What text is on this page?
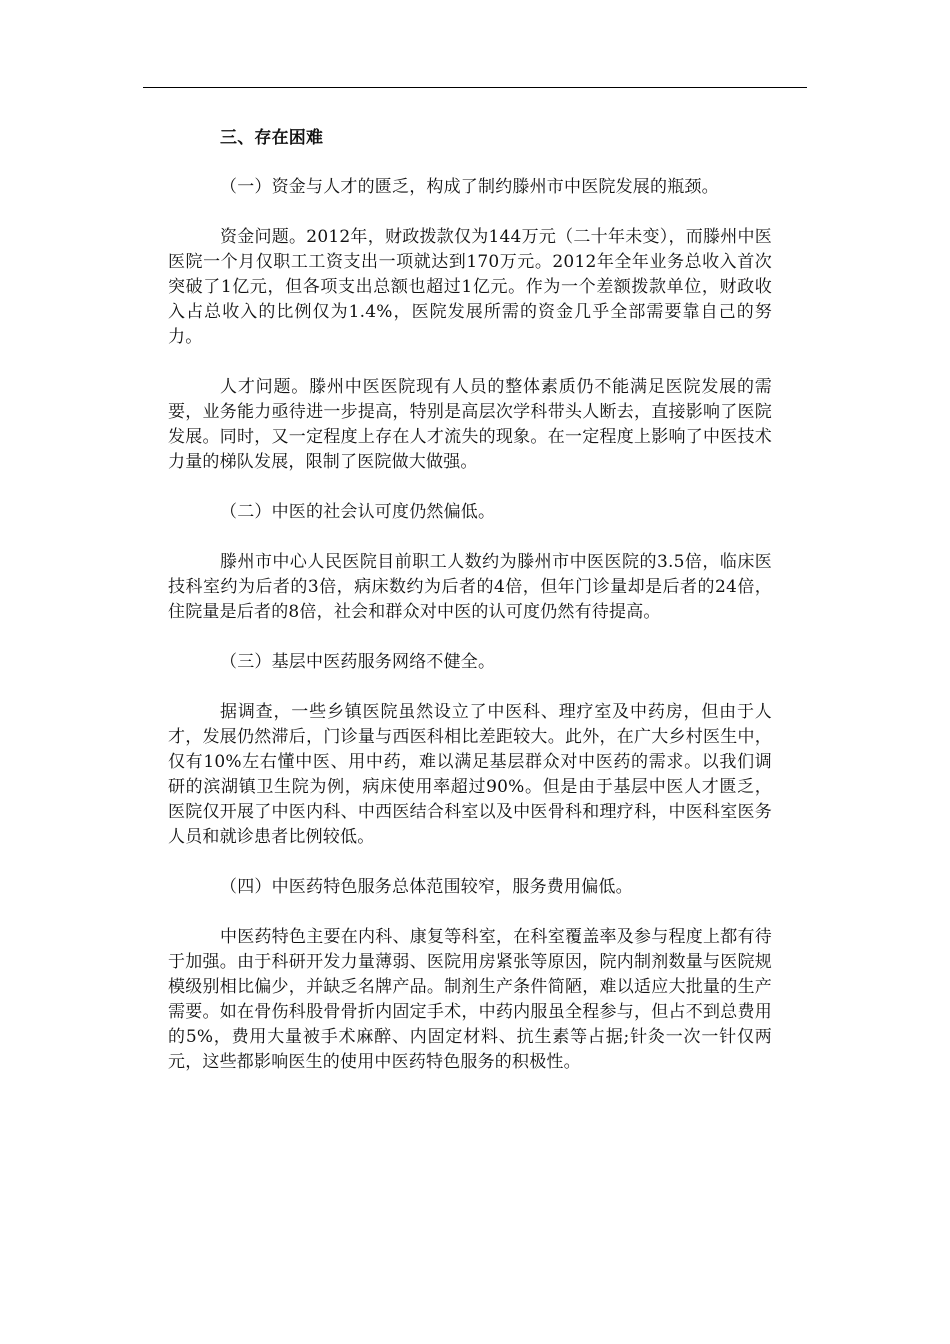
三、存在困难

（一）资金与人才的匮乏，构成了制约滕州市中医院发展的瓶颈。

资金问题。2012年，财政拨款仅为144万元（二十年未变），而滕州中医医院一个月仅职工工资支出一项就达到170万元。2012年全年业务总收入首次突破了1亿元，但各项支出总额也超过1亿元。作为一个差额拨款单位，财政收入占总收入的比例仅为1.4%，医院发展所需的资金几乎全部需要靠自己的努力。

人才问题。滕州中医医院现有人员的整体素质仍不能满足医院发展的需要，业务能力亟待进一步提高，特别是高层次学科带头人断去，直接影响了医院发展。同时，又一定程度上存在人才流失的现象。在一定程度上影响了中医技术力量的梯队发展，限制了医院做大做强。

（二）中医的社会认可度仍然偏低。

滕州市中心人民医院目前职工人数约为滕州市中医医院的3.5倍，临床医技科室约为后者的3倍，病床数约为后者的4倍，但年门诊量却是后者的24倍，住院量是后者的8倍，社会和群众对中医的认可度仍然有待提高。

（三）基层中医药服务网络不健全。

据调查，一些乡镇医院虽然设立了中医科、理疗室及中药房，但由于人才，发展仍然滞后，门诊量与西医科相比差距较大。此外，在广大乡村医生中，仅有10%左右懂中医、用中药，难以满足基层群众对中医药的需求。以我们调研的滨湖镇卫生院为例，病床使用率超过90%。但是由于基层中医人才匮乏，医院仅开展了中医内科、中西医结合科室以及中医骨科和理疗科，中医科室医务人员和就诊患者比例较低。

（四）中医药特色服务总体范围较窄，服务费用偏低。

中医药特色主要在内科、康复等科室，在科室覆盖率及参与程度上都有待于加强。由于科研开发力量薄弱、医院用房紧张等原因，院内制剂数量与医院规模级别相比偏少，并缺乏名牌产品。制剂生产条件简陋，难以适应大批量的生产需要。如在骨伤科股骨骨折内固定手术，中药内服虽全程参与，但占不到总费用的5%，费用大量被手术麻醉、内固定材料、抗生素等占据;针灸一次一针仅两元，这些都影响医生的使用中医药特色服务的积极性。
